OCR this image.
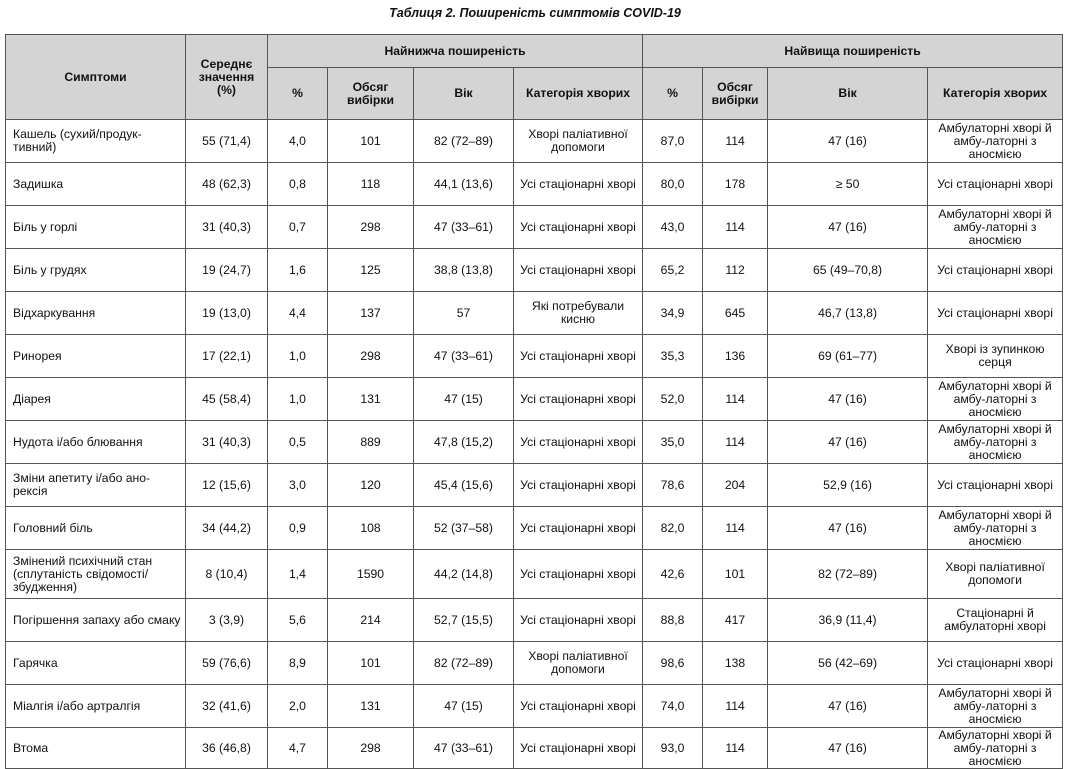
Таблиця 2. Поширеність симптомів COVID-19

Симптоми	Середнє значення (%)	Найнижча поширеність				Найвища поширеність			
		%	Обсяг вибірки	Вік	Категорія хворих	%	Обсяг вибірки	Вік	Категорія хворих
Кашель (сухий/продук-тивний)	55 (71,4)	4,0	101	82 (72–89)	Хворі паліативної допомоги	87,0	114	47 (16)	Амбулаторні хворі й амбу-латорні з аносмією
Задишка	48 (62,3)	0,8	118	44,1 (13,6)	Усі стаціонарні хворі	80,0	178	≥ 50	Усі стаціонарні хворі
Біль у горлі	31 (40,3)	0,7	298	47 (33–61)	Усі стаціонарні хворі	43,0	114	47 (16)	Амбулаторні хворі й амбу-латорні з аносмією
Біль у грудях	19 (24,7)	1,6	125	38,8 (13,8)	Усі стаціонарні хворі	65,2	112	65 (49–70,8)	Усі стаціонарні хворі
Відхаркування	19 (13,0)	4,4	137	57	Які потребували кисню	34,9	645	46,7 (13,8)	Усі стаціонарні хворі
Ринорея	17 (22,1)	1,0	298	47 (33–61)	Усі стаціонарні хворі	35,3	136	69 (61–77)	Хворі із зупинкою серця
Діарея	45 (58,4)	1,0	131	47 (15)	Усі стаціонарні хворі	52,0	114	47 (16)	Амбулаторні хворі й амбу-латорні з аносмією
Нудота і/або блювання	31 (40,3)	0,5	889	47,8 (15,2)	Усі стаціонарні хворі	35,0	114	47 (16)	Амбулаторні хворі й амбу-латорні з аносмією
Зміни апетиту і/або ано-рексія	12 (15,6)	3,0	120	45,4 (15,6)	Усі стаціонарні хворі	78,6	204	52,9 (16)	Усі стаціонарні хворі
Головний біль	34 (44,2)	0,9	108	52 (37–58)	Усі стаціонарні хворі	82,0	114	47 (16)	Амбулаторні хворі й амбу-латорні з аносмією
Змінений психічний стан (сплутаність свідомості/збудження)	8 (10,4)	1,4	1590	44,2 (14,8)	Усі стаціонарні хворі	42,6	101	82 (72–89)	Хворі паліативної допомоги
Погіршення запаху або смаку	3 (3,9)	5,6	214	52,7 (15,5)	Усі стаціонарні хворі	88,8	417	36,9 (11,4)	Стаціонарні й амбулаторні хворі
Гарячка	59 (76,6)	8,9	101	82 (72–89)	Хворі паліативної допомоги	98,6	138	56 (42–69)	Усі стаціонарні хворі
Міалгія і/або артралгія	32 (41,6)	2,0	131	47 (15)	Усі стаціонарні хворі	74,0	114	47 (16)	Амбулаторні хворі й амбу-латорні з аносмією
Втома	36 (46,8)	4,7	298	47 (33–61)	Усі стаціонарні хворі	93,0	114	47 (16)	Амбулаторні хворі й амбу-латорні з аносмією
